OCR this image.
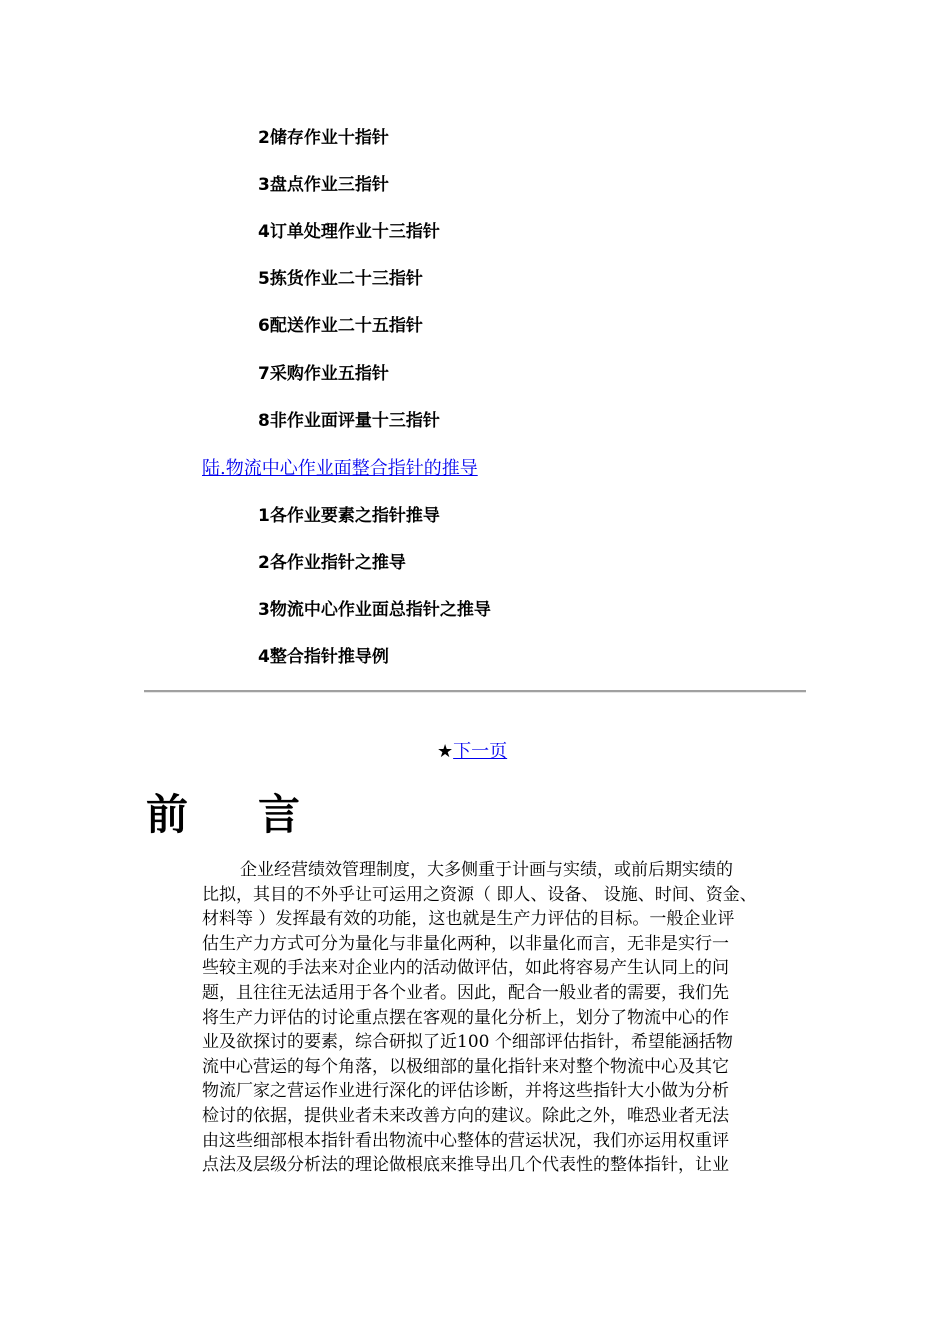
2储存作业十指针
3盘点作业三指针
4订单处理作业十三指针
5拣货作业二十三指针
6配送作业二十五指针
7采购作业五指针
8非作业面评量十三指针
陆.物流中心作业面整合指针的推导
1各作业要素之指针推导
2各作业指针之推导
3物流中心作业面总指针之推导
4整合指针推导例
★下一页
前 言
企业经营绩效管理制度，大多侧重于计画与实绩，或前后期实绩的
比拟，其目的不外乎让可运用之资源（ 即人、设备、 设施、时间、资金、
材料等 ）发挥最有效的功能，这也就是生产力评估的目标。一般企业评
估生产力方式可分为量化与非量化两种，以非量化而言，无非是实行一
些较主观的手法来对企业内的活动做评估，如此将容易产生认同上的问
题，且往往无法适用于各个业者。因此，配合一般业者的需要，我们先
将生产力评估的讨论重点摆在客观的量化分析上，划分了物流中心的作
业及欲探讨的要素，综合研拟了近100 个细部评估指针，希望能涵括物
流中心营运的每个角落，以极细部的量化指针来对整个物流中心及其它
物流厂家之营运作业进行深化的评估诊断，并将这些指针大小做为分析
检讨的依据，提供业者未来改善方向的建议。除此之外，唯恐业者无法
由这些细部根本指针看出物流中心整体的营运状况，我们亦运用权重评
点法及层级分析法的理论做根底来推导出几个代表性的整体指针，让业
